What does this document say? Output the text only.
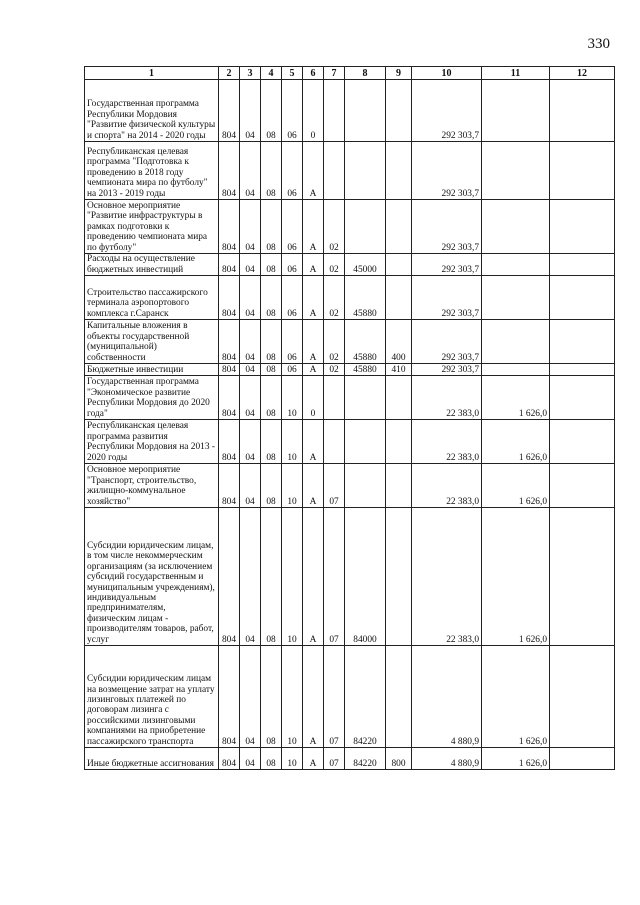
330
1	2	3	4	5	6	7	8	9	10	11	12
Государственная программа Республики Мордовия "Развитие физической культуры и спорта" на 2014 - 2020 годы	804	04	08	06	0				292 303,7		
Республиканская целевая программа "Подготовка к проведению в 2018 году чемпионата мира по футболу" на 2013 - 2019 годы	804	04	08	06	А				292 303,7		
Основное мероприятие "Развитие инфраструктуры в рамках подготовки к проведению чемпионата мира по футболу"	804	04	08	06	А	02			292 303,7		
Расходы на осуществление бюджетных инвестиций	804	04	08	06	А	02	45000		292 303,7		
Строительство пассажирского терминала аэропортового комплекса г.Саранск	804	04	08	06	А	02	45880		292 303,7		
Капитальные вложения в объекты государственной (муниципальной) собственности	804	04	08	06	А	02	45880	400	292 303,7		
Бюджетные инвестиции	804	04	08	06	А	02	45880	410	292 303,7		
Государственная программа "Экономическое развитие Республики Мордовия до 2020 года"	804	04	08	10	0				22 383,0	1 626,0	
Республиканская целевая программа развития Республики Мордовия на 2013 - 2020 годы	804	04	08	10	А				22 383,0	1 626,0	
Основное мероприятие "Транспорт, строительство, жилищно-коммунальное хозяйство"	804	04	08	10	А	07			22 383,0	1 626,0	
Субсидии юридическим лицам, в том числе некоммерческим организациям (за исключением субсидий государственным и муниципальным учреждениям), индивидуальным предпринимателям, физическим лицам - производителям товаров, работ, услуг	804	04	08	10	А	07	84000		22 383,0	1 626,0	
Субсидии юридическим лицам на возмещение затрат на уплату лизинговых платежей по договорам лизинга с российскими лизинговыми компаниями на приобретение пассажирского транспорта	804	04	08	10	А	07	84220		4 880,9	1 626,0	
Иные бюджетные ассигнования	804	04	08	10	А	07	84220	800	4 880,9	1 626,0	
